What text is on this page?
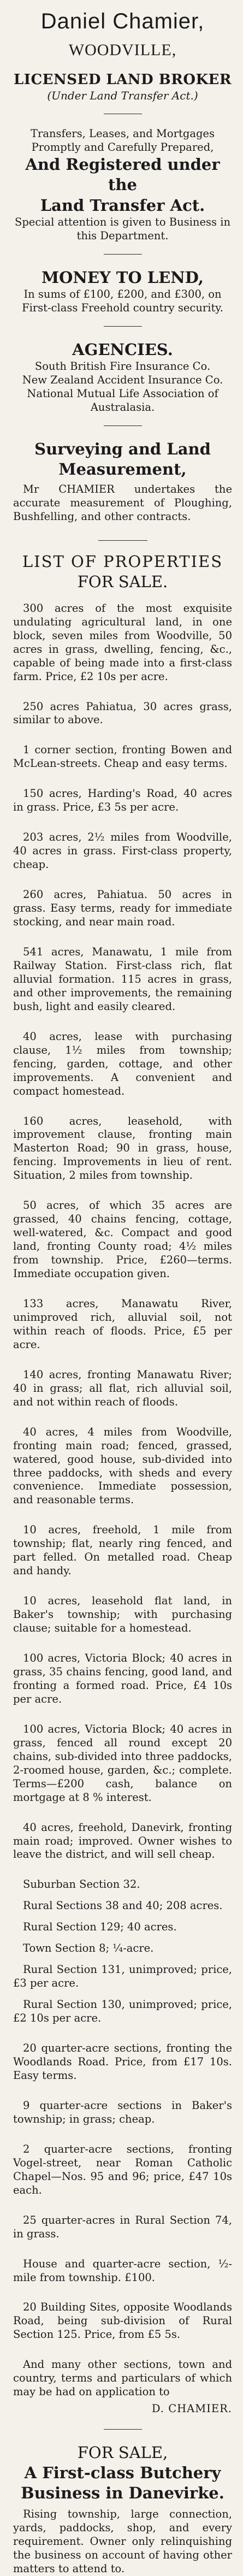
Daniel Chamier,
WOODVILLE,
LICENSED LAND BROKER
(Under Land Transfer Act.)

Transfers, Leases, and Mortgages

Promptly and Carefully Prepared,

And Registered under the
Land Transfer Act.

Special attention is given to Business in this Department.

MONEY TO LEND,

In sums of £100, £200, and £300, on First-class Freehold country security.

AGENCIES.

South British Fire Insurance Co.

New Zealand Accident Insurance Co.

National Mutual Life Association of

Australasia.

Surveying and Land Measurement,

Mr CHAMIER undertakes the accurate measurement of Ploughing, Bushfelling, and other contracts.

LIST OF PROPERTIES
FOR SALE.

300 acres of the most exquisite undulating agricultural land, in one block, seven miles from Woodville, 50 acres in grass, dwelling, fencing, &c., capable of being made into a first-class farm. Price, £2 10s per acre.

250 acres Pahiatua, 30 acres grass, similar to above.

1 corner section, fronting Bowen and McLean-streets. Cheap and easy terms.

150 acres, Harding's Road, 40 acres in grass. Price, £3 5s per acre.

203 acres, 2½ miles from Woodville, 40 acres in grass. First-class property, cheap.

260 acres, Pahiatua. 50 acres in grass. Easy terms, ready for immediate stocking, and near main road.

541 acres, Manawatu, 1 mile from Railway Station. First-class rich, flat alluvial formation. 115 acres in grass, and other improvements, the remaining bush, light and easily cleared.

40 acres, lease with purchasing clause, 1½ miles from township; fencing, garden, cottage, and other improvements. A convenient and compact homestead.

160 acres, leasehold, with improvement clause, fronting main Masterton Road; 90 in grass, house, fencing. Improvements in lieu of rent. Situation, 2 miles from township.

50 acres, of which 35 acres are grassed, 40 chains fencing, cottage, well-watered, &c. Compact and good land, fronting County road; 4½ miles from township. Price, £260—terms. Immediate occupation given.

133 acres, Manawatu River, unimproved rich, alluvial soil, not within reach of floods. Price, £5 per acre.

140 acres, fronting Manawatu River; 40 in grass; all flat, rich alluvial soil, and not within reach of floods.

40 acres, 4 miles from Woodville, fronting main road; fenced, grassed, watered, good house, sub-divided into three paddocks, with sheds and every convenience. Immediate possession, and reasonable terms.

10 acres, freehold, 1 mile from township; flat, nearly ring fenced, and part felled. On metalled road. Cheap and handy.

10 acres, leasehold flat land, in Baker's township; with purchasing clause; suitable for a homestead.

100 acres, Victoria Block; 40 acres in grass, 35 chains fencing, good land, and fronting a formed road. Price, £4 10s per acre.

100 acres, Victoria Block; 40 acres in grass, fenced all round except 20 chains, sub-divided into three paddocks, 2-roomed house, garden, &c.; complete. Terms—£200 cash, balance on mortgage at 8 % interest.

40 acres, freehold, Danevirk, fronting main road; improved. Owner wishes to leave the district, and will sell cheap.

Suburban Section 32.

Rural Sections 38 and 40; 208 acres.

Rural Section 129; 40 acres.

Town Section 8; ¼-acre.

Rural Section 131, unimproved; price, £3 per acre.

Rural Section 130, unimproved; price, £2 10s per acre.

20 quarter-acre sections, fronting the Woodlands Road. Price, from £17 10s. Easy terms.

9 quarter-acre sections in Baker's township; in grass; cheap.

2 quarter-acre sections, fronting Vogel-street, near Roman Catholic Chapel—Nos. 95 and 96; price, £47 10s each.

25 quarter-acres in Rural Section 74, in grass.

House and quarter-acre section, ½-mile from township. £100.

20 Building Sites, opposite Woodlands Road, being sub-division of Rural Section 125. Price, from £5 5s.

And many other sections, town and country, terms and particulars of which may be had on application to

D. CHAMIER.
FOR SALE,
A First-class Butchery Business in Danevirke.

Rising township, large connection, yards, paddocks, shop, and every requirement. Owner only relinquishing the business on account of having other matters to attend to.
